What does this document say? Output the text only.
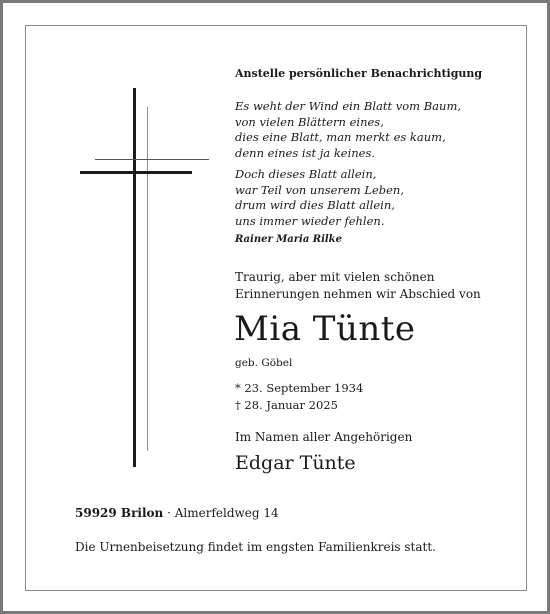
Anstelle persönlicher Benachrichtigung
Es weht der Wind ein Blatt vom Baum,
von vielen Blättern eines,
dies eine Blatt, man merkt es kaum,
denn eines ist ja keines.
Doch dieses Blatt allein,
war Teil von unserem Leben,
drum wird dies Blatt allein,
uns immer wieder fehlen.
Rainer Maria Rilke
Traurig, aber mit vielen schönen
Erinnerungen nehmen wir Abschied von
Mia Tünte
geb. Göbel
* 23. September 1934
† 28. Januar 2025
Im Namen aller Angehörigen
Edgar Tünte
59929 Brilon · Almerfeldweg 14
Die Urnenbeisetzung findet im engsten Familienkreis statt.
